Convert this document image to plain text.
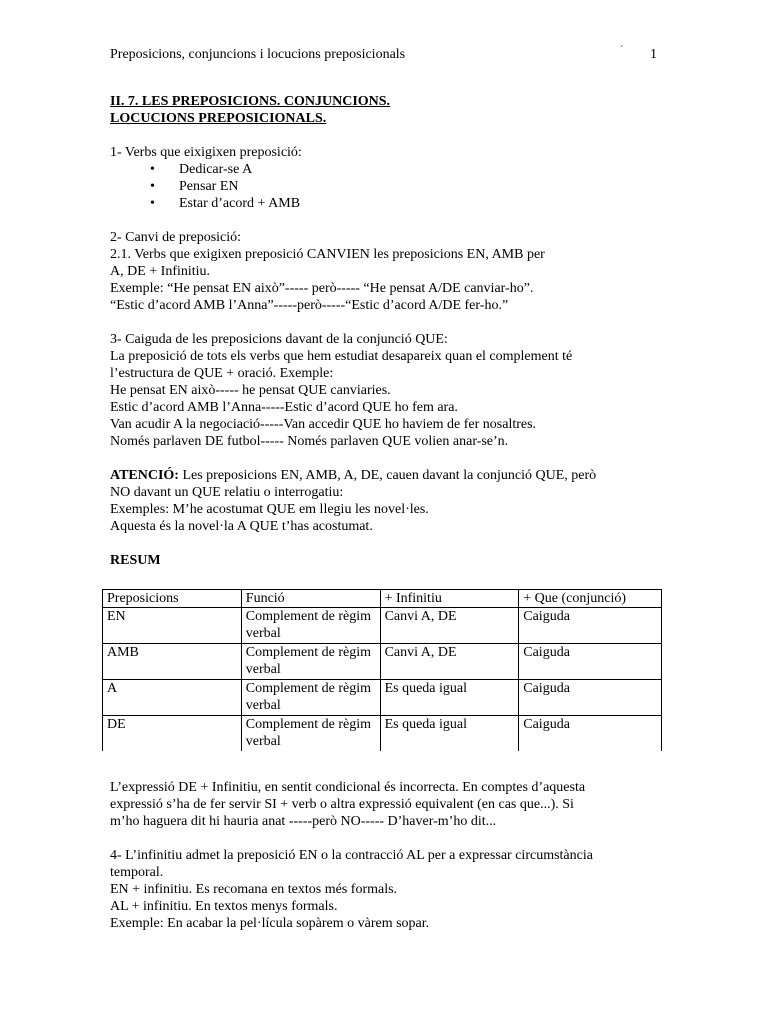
Preposicions, conjuncions i locucions preposicionals	´ 1
II. 7. LES PREPOSICIONS. CONJUNCIONS.
LOCUCIONS PREPOSICIONALS.
1- Verbs que eixigixen preposició:
• Dedicar-se A
• Pensar EN
• Estar d’acord + AMB
2- Canvi de preposició:
2.1. Verbs que exigixen preposició CANVIEN les preposicions EN, AMB per
A, DE + Infinitiu.
Exemple: “He pensat EN això”----- però----- “He pensat A/DE canviar-ho”.
“Estic d’acord AMB l’Anna”-----però-----“Estic d’acord A/DE fer-ho.”
3- Caiguda de les preposicions davant de la conjunció QUE:
La preposició de tots els verbs que hem estudiat desapareix quan el complement té
l’estructura de QUE + oració. Exemple:
He pensat EN això----- he pensat QUE canviaries.
Estic d’acord AMB l’Anna-----Estic d’acord QUE ho fem ara.
Van acudir A la negociació-----Van accedir QUE ho haviem de fer nosaltres.
Només parlaven DE futbol----- Només parlaven QUE volien anar-se’n.
ATENCIÓ: Les preposicions EN, AMB, A, DE, cauen davant la conjunció QUE, però
NO davant un QUE relatiu o interrogatiu:
Exemples: M’he acostumat QUE em llegiu les novel·les.
Aquesta és la novel·la A QUE t’has acostumat.
RESUM
Preposicions	Funció	+ Infinitiu	+ Que (conjunció)
EN	Complement de règim verbal	Canvi A, DE	Caiguda
AMB	Complement de règim verbal	Canvi A, DE	Caiguda
A	Complement de règim verbal	Es queda igual	Caiguda
DE	Complement de règim verbal	Es queda igual	Caiguda
L’expressió DE + Infinitiu, en sentit condicional és incorrecta. En comptes d’aquesta
expressió s’ha de fer servir SI + verb o altra expressió equivalent (en cas que...). Si
m’ho haguera dit hi hauria anat -----però NO----- D’haver-m’ho dit...
4- L’infinitiu admet la preposició EN o la contracció AL per a expressar circumstància
temporal.
EN + infinitiu. Es recomana en textos més formals.
AL + infinitiu. En textos menys formals.
Exemple: En acabar la pel·lícula sopàrem o vàrem sopar.
